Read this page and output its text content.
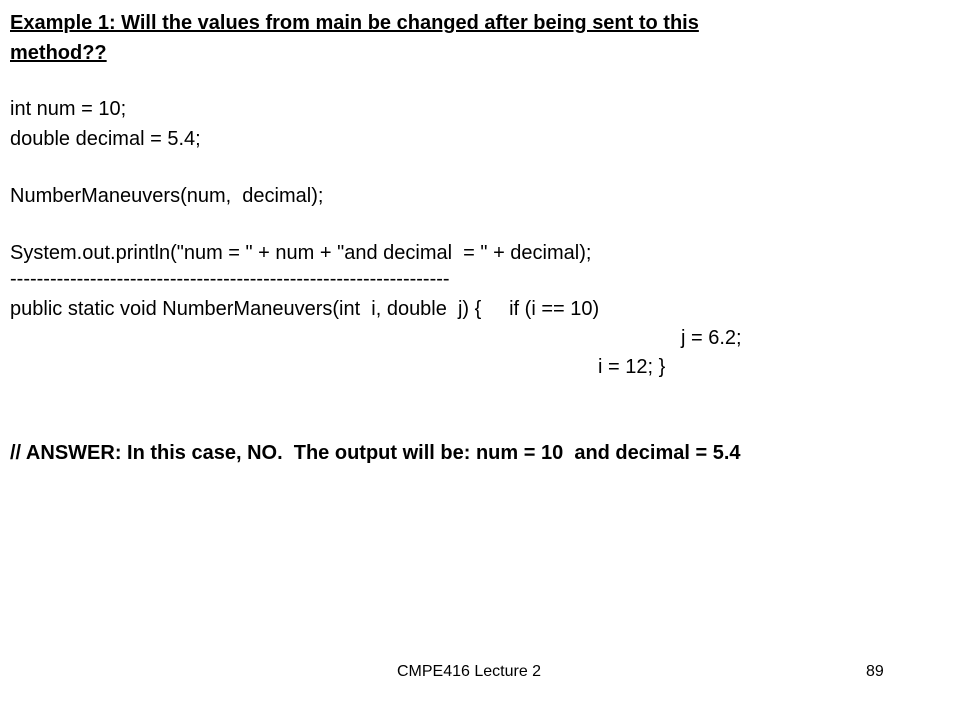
Example 1: Will the values from main be changed after being sent to this
method??
int num = 10;
double decimal = 5.4;
NumberManeuvers(num,  decimal);
System.out.println("num = " + num + "and decimal  = " + decimal);
------------------------------------------------------------------
public static void NumberManeuvers(int  i, double  j) {     if (i == 10)
j = 6.2;
i = 12; }
// ANSWER: In this case, NO.  The output will be: num = 10  and decimal = 5.4
CMPE416 Lecture 2	89
